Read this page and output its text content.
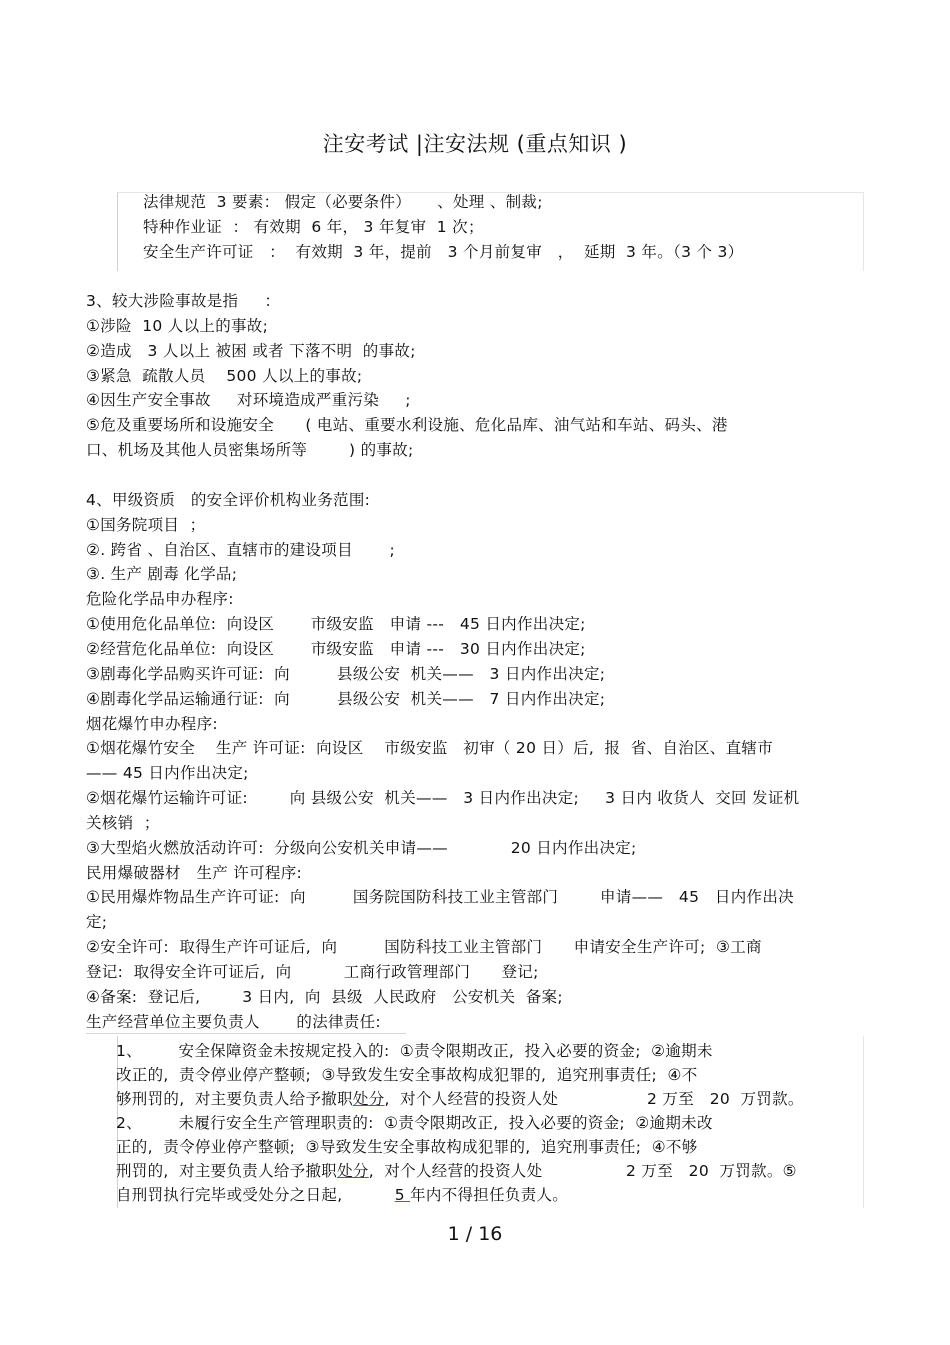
注安考试 |注安法规 (重点知识 )
法律规范  3 要素： 假定（必要条件）     、处理 、制裁;
特种作业证  ： 有效期  6 年， 3 年复审  1 次；
安全生产许可证   ：  有效期  3 年，提前   3 个月前复审   ，  延期  3 年。（3 个 3）
3、较大涉险事故是指     ：
①涉险  10 人以上的事故;
②造成   3 人以上 被困 或者 下落不明  的事故;
③紧急  疏散人员    500 人以上的事故;
④因生产安全事故     对环境造成严重污染     ;
⑤危及重要场所和设施安全      ( 电站、重要水利设施、危化品库、油气站和车站、码头、港
口、机场及其他人员密集场所等        ) 的事故;
4、甲级资质   的安全评价机构业务范围:
①国务院项目  ；
②. 跨省 、自治区、直辖市的建设项目       ;
③. 生产 剧毒 化学品;
危险化学品申办程序:
①使用危化品单位:  向设区       市级安监   申请 ---   45 日内作出决定;
②经营危化品单位:  向设区       市级安监   申请 ---   30 日内作出决定;
③剧毒化学品购买许可证:  向         县级公安  机关——   3 日内作出决定;
④剧毒化学品运输通行证:  向         县级公安  机关——   7 日内作出决定;
烟花爆竹申办程序:
①烟花爆竹安全    生产 许可证:  向设区    市级安监   初审（ 20 日）后,  报  省、自治区、直辖市
—— 45 日内作出决定;
②烟花爆竹运输许可证:        向 县级公安  机关——   3 日内作出决定;     3 日内 收货人  交回 发证机
关核销  ；
③大型焰火燃放活动许可:  分级向公安机关申请——            20 日内作出决定;
民用爆破器材   生产 许可程序:
①民用爆炸物品生产许可证:  向         国务院国防科技工业主管部门        申请——   45   日内作出决
定;
②安全许可:  取得生产许可证后,  向         国防科技工业主管部门      申请安全生产许可;  ③工商
登记:  取得安全许可证后,  向          工商行政管理部门      登记;
④备案:  登记后,        3 日内,  向  县级  人民政府   公安机关  备案;
生产经营单位主要负责人       的法律责任:
1、       安全保障资金未按规定投入的:  ①责令限期改正,  投入必要的资金;  ②逾期未
改正的,  责令停业停产整顿;  ③导致发生安全事故构成犯罪的,  追究刑事责任;  ④不
够刑罚的,  对主要负责人给予撤职处分,  对个人经营的投资人处                 2 万至   20  万罚款。
2、       未履行安全生产管理职责的:  ①责令限期改正,  投入必要的资金;  ②逾期未改
正的,  责令停业停产整顿;  ③导致发生安全事故构成犯罪的,  追究刑事责任;  ④不够
刑罚的,  对主要负责人给予撤职处分,  对个人经营的投资人处                2 万至   20  万罚款。⑤
自刑罚执行完毕或受处分之日起,          5 年内不得担任负责人。
1 / 16
